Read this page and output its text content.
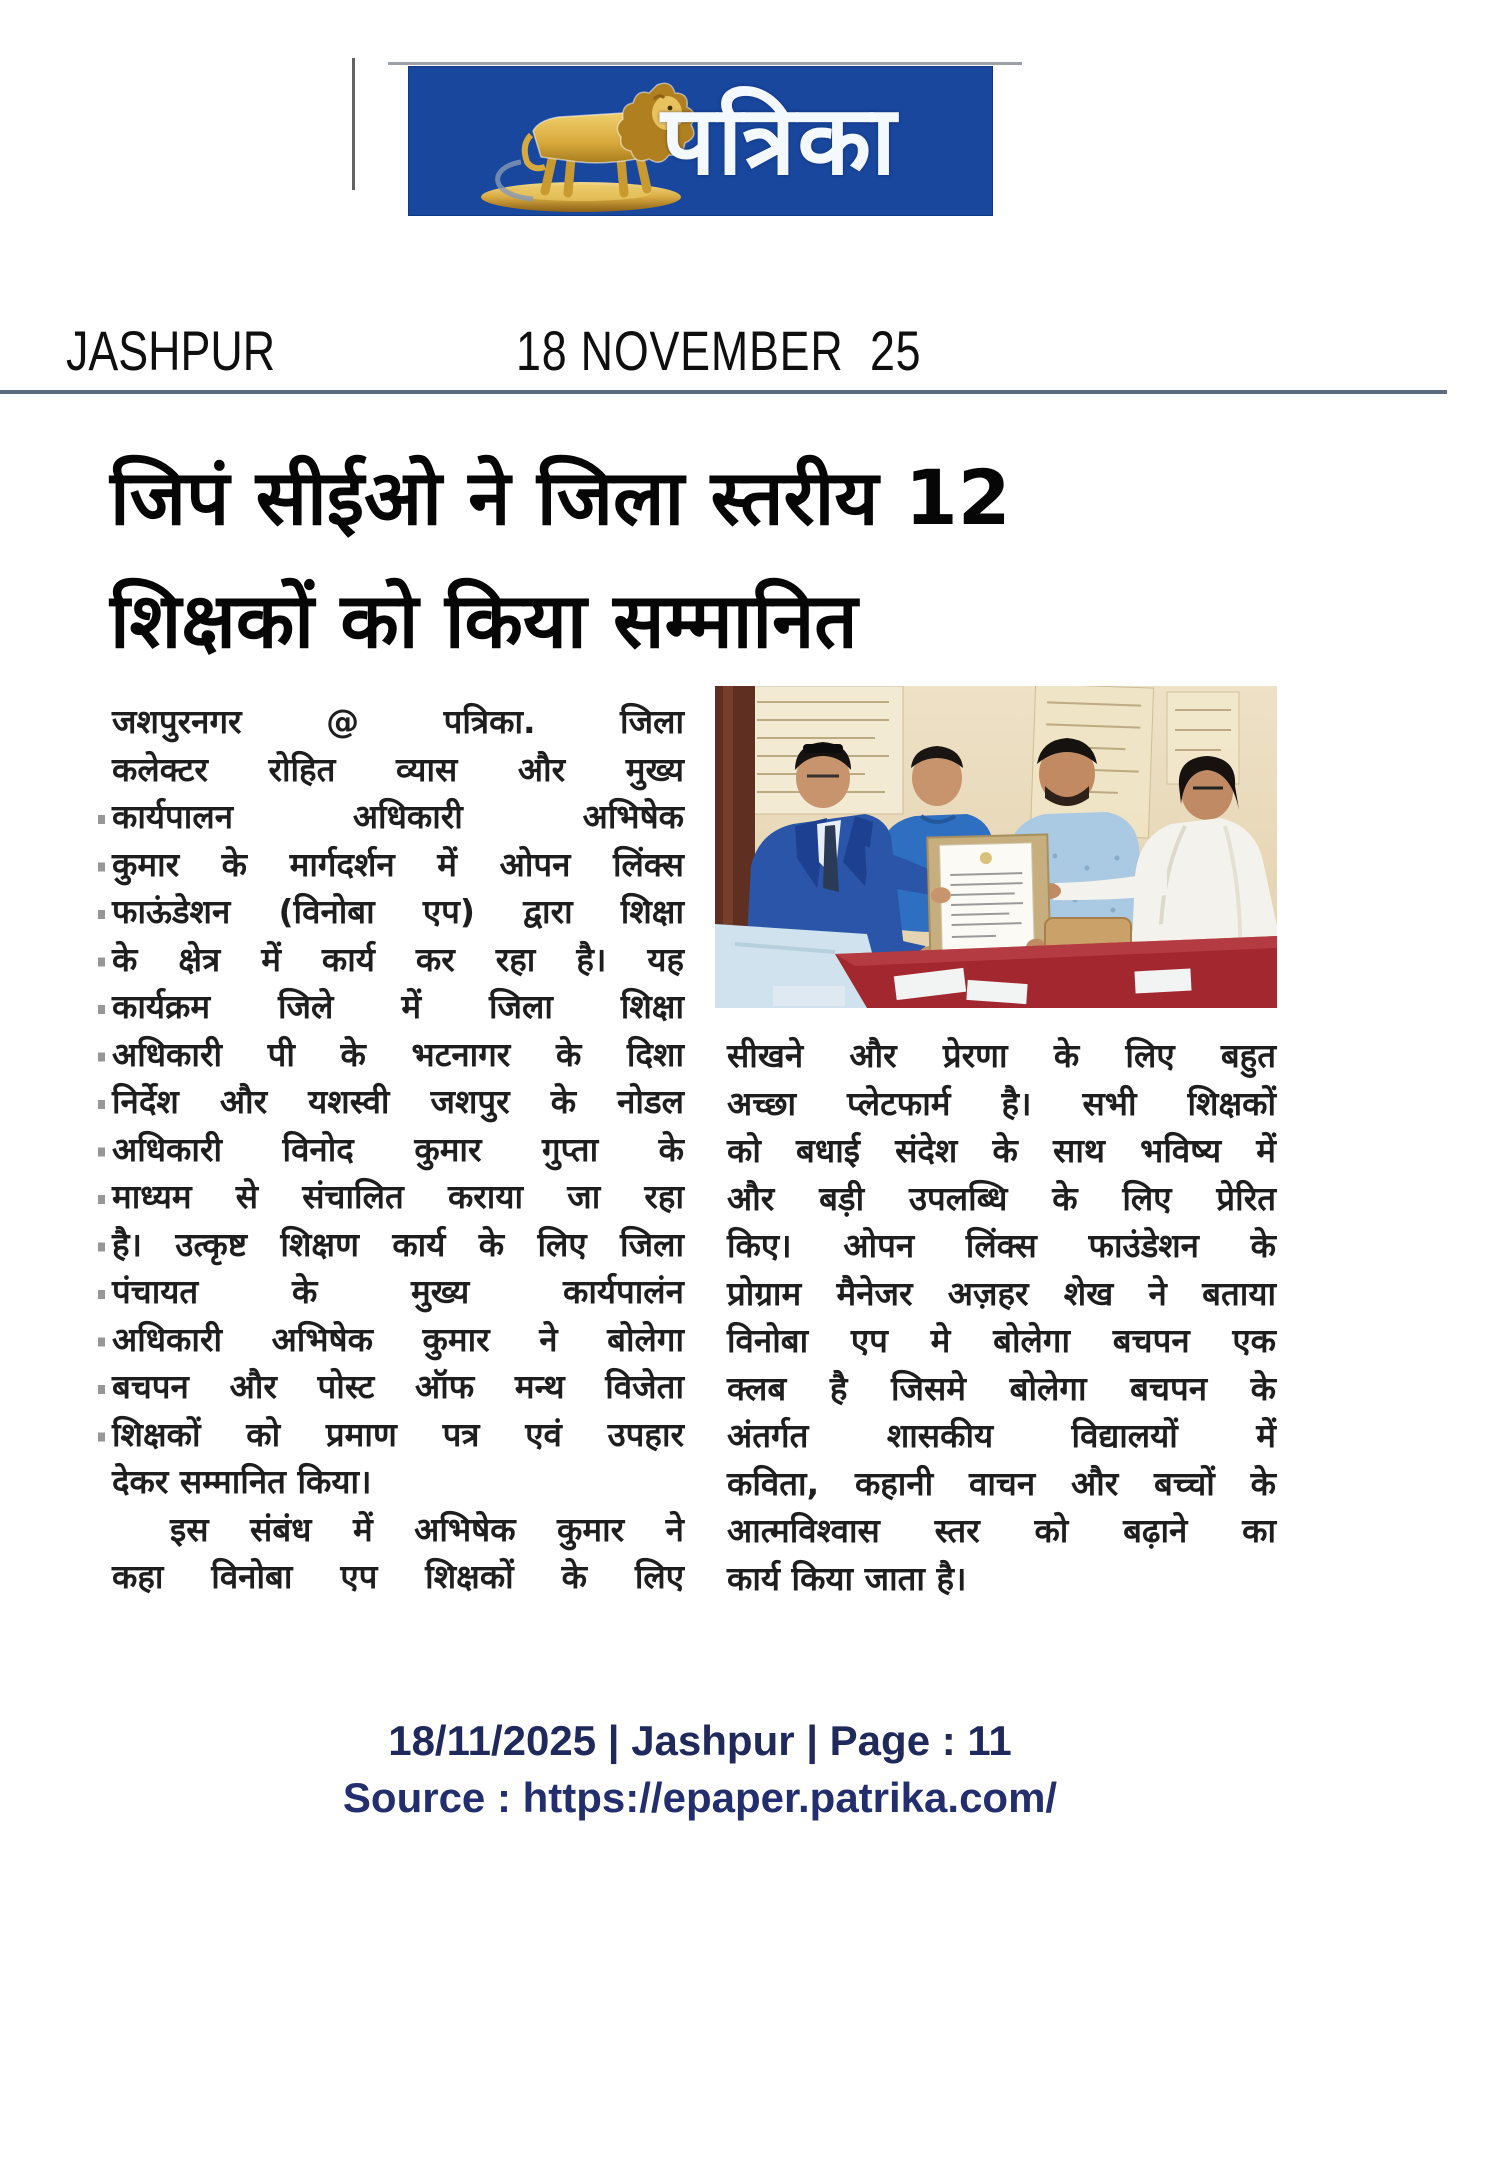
पत्रिका
JASHPUR	18 NOVEMBER  25
जिपं सीईओ ने जिला स्तरीय 12
शिक्षकों को किया सम्मानित
जशपुरनगर @ पत्रिका. जिला
कलेक्टर रोहित व्यास और मुख्य
कार्यपालन अधिकारी अभिषेक
कुमार के मार्गदर्शन में ओपन लिंक्स
फाऊंडेशन (विनोबा एप) द्वारा शिक्षा
के क्षेत्र में कार्य कर रहा है। यह
कार्यक्रम जिले में जिला शिक्षा
अधिकारी पी के भटनागर के दिशा
निर्देश और यशस्वी जशपुर के नोडल
अधिकारी विनोद कुमार गुप्ता के
माध्यम से संचालित कराया जा रहा
है। उत्कृष्ट शिक्षण कार्य के लिए जिला
पंचायत के मुख्य कार्यपालंन
अधिकारी अभिषेक कुमार ने बोलेगा
बचपन और पोस्ट ऑफ मन्थ विजेता
शिक्षकों को प्रमाण पत्र एवं उपहार
देकर सम्मानित किया।
इस संबंध में अभिषेक कुमार ने
कहा विनोबा एप शिक्षकों के लिए
सीखने और प्रेरणा के लिए बहुत
अच्छा प्लेटफार्म है। सभी शिक्षकों
को बधाई संदेश के साथ भविष्य में
और बड़ी उपलब्धि के लिए प्रेरित
किए। ओपन लिंक्स फाउंडेशन के
प्रोग्राम मैनेजर अज़हर शेख ने बताया
विनोबा एप मे बोलेगा बचपन एक
क्लब है जिसमे बोलेगा बचपन के
अंतर्गत शासकीय विद्यालयों में
कविता, कहानी वाचन और बच्चों के
आत्मविश्वास स्तर को बढ़ाने का
कार्य किया जाता है।
18/11/2025 | Jashpur | Page : 11
Source : https://epaper.patrika.com/
